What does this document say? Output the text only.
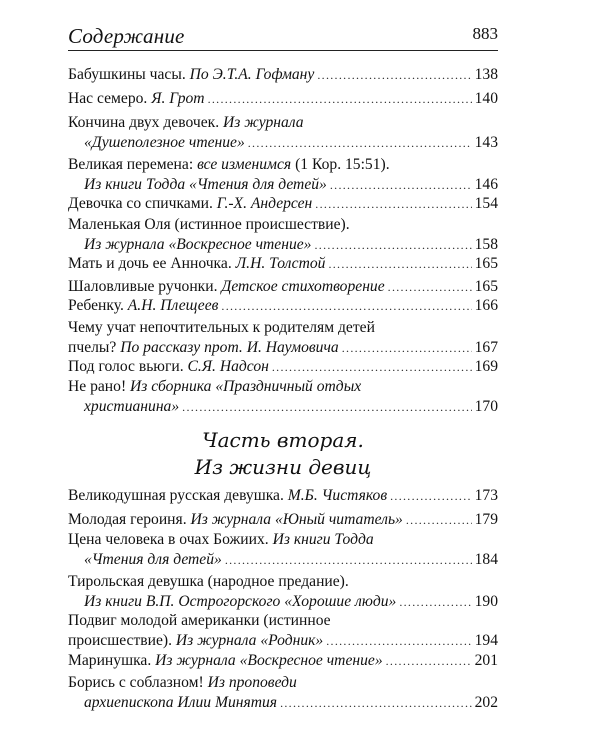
Содержание	883
Бабушкины часы. По Э.Т.А. Гофману .....	138
Нас семеро. Я. Грот .....	140
Кончина двух девочек. Из журнала
«Душеполезное чтение» .....	143
Великая перемена: все изменимся (1 Кор. 15:51).
Из книги Тодда «Чтения для детей» .....	146
Девочка со спичками. Г.-Х. Андерсен .....	154
Маленькая Оля (истинное происшествие).
Из журнала «Воскресное чтение» .....	158
Мать и дочь ее Анночка. Л.Н. Толстой .....	165
Шаловливые ручонки. Детское стихотворение .....	165
Ребенку. А.Н. Плещеев .....	166
Чему учат непочтительных к родителям детей
пчелы? По рассказу прот. И. Наумовича .....	167
Под голос вьюги. С.Я. Надсон .....	169
Не рано! Из сборника «Праздничный отдых
христианина» .....	170
Часть вторая.
Из жизни девиц
Великодушная русская девушка. М.Б. Чистяков .....	173
Молодая героиня. Из журнала «Юный читатель» .....	179
Цена человека в очах Божиих. Из книги Тодда
«Чтения для детей» .....	184
Тирольская девушка (народное предание).
Из книги В.П. Острогорского «Хорошие люди» .....	190
Подвиг молодой американки (истинное
происшествие). Из журнала «Родник» .....	194
Маринушка. Из журнала «Воскресное чтение» .....	201
Борись с соблазном! Из проповеди
архиепископа Илии Минятия .....	202
